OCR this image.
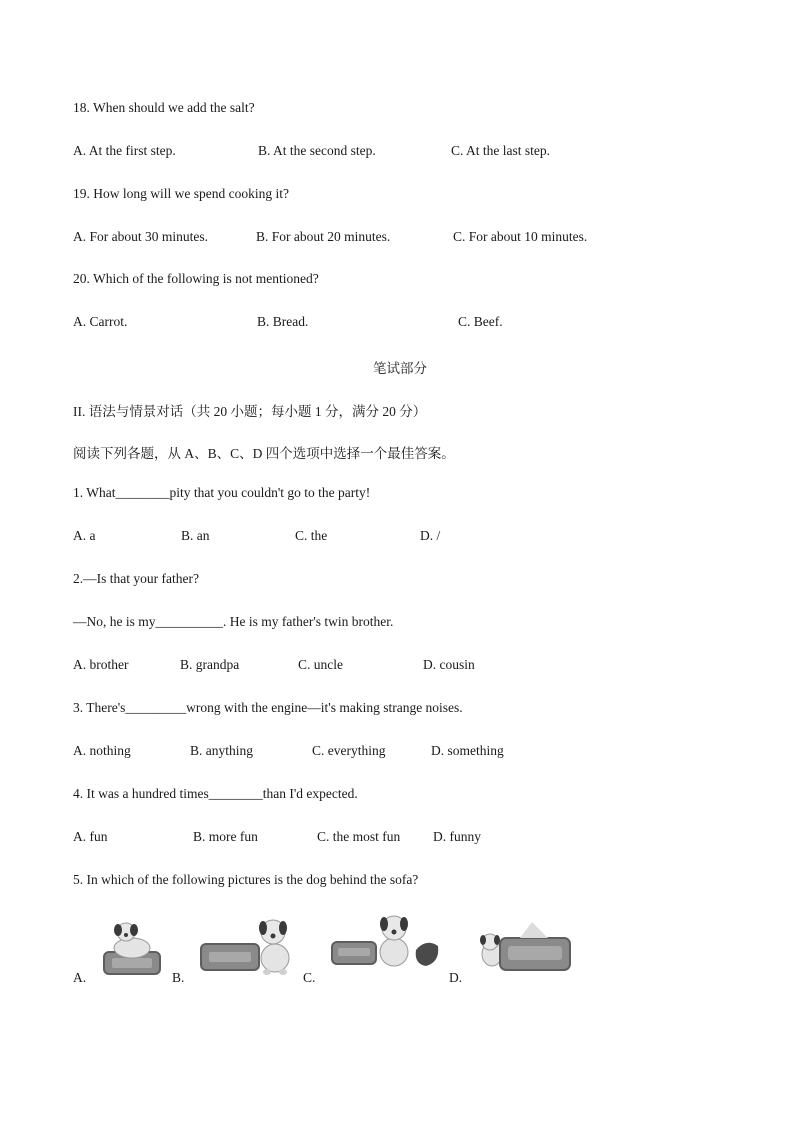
18. When should we add the salt?
A. At the first step.	B. At the second step.	C. At the last step.
19. How long will we spend cooking it?
A. For about 30 minutes.	B. For about 20 minutes.	C. For about 10 minutes.
20. Which of the following is not mentioned?
A. Carrot.	B. Bread.	C. Beef.
笔试部分
II. 语法与情景对话（共 20 小题；每小题 1 分，满分 20 分）
阅读下列各题，从 A、B、C、D 四个选项中选择一个最佳答案。
1. What________pity that you couldn't go to the party!
A. a	B. an	C. the	D. /
2.—Is that your father?
—No, he is my__________. He is my father's twin brother.
A. brother	B. grandpa	C. uncle	D. cousin
3. There's_________wrong with the engine—it's making strange noises.
A. nothing	B. anything	C. everything	D. something
4. It was a hundred times________than I'd expected.
A. fun	B. more fun	C. the most fun D. funny
5. In which of the following pictures is the dog behind the sofa?
A.	B.	C.	D.
